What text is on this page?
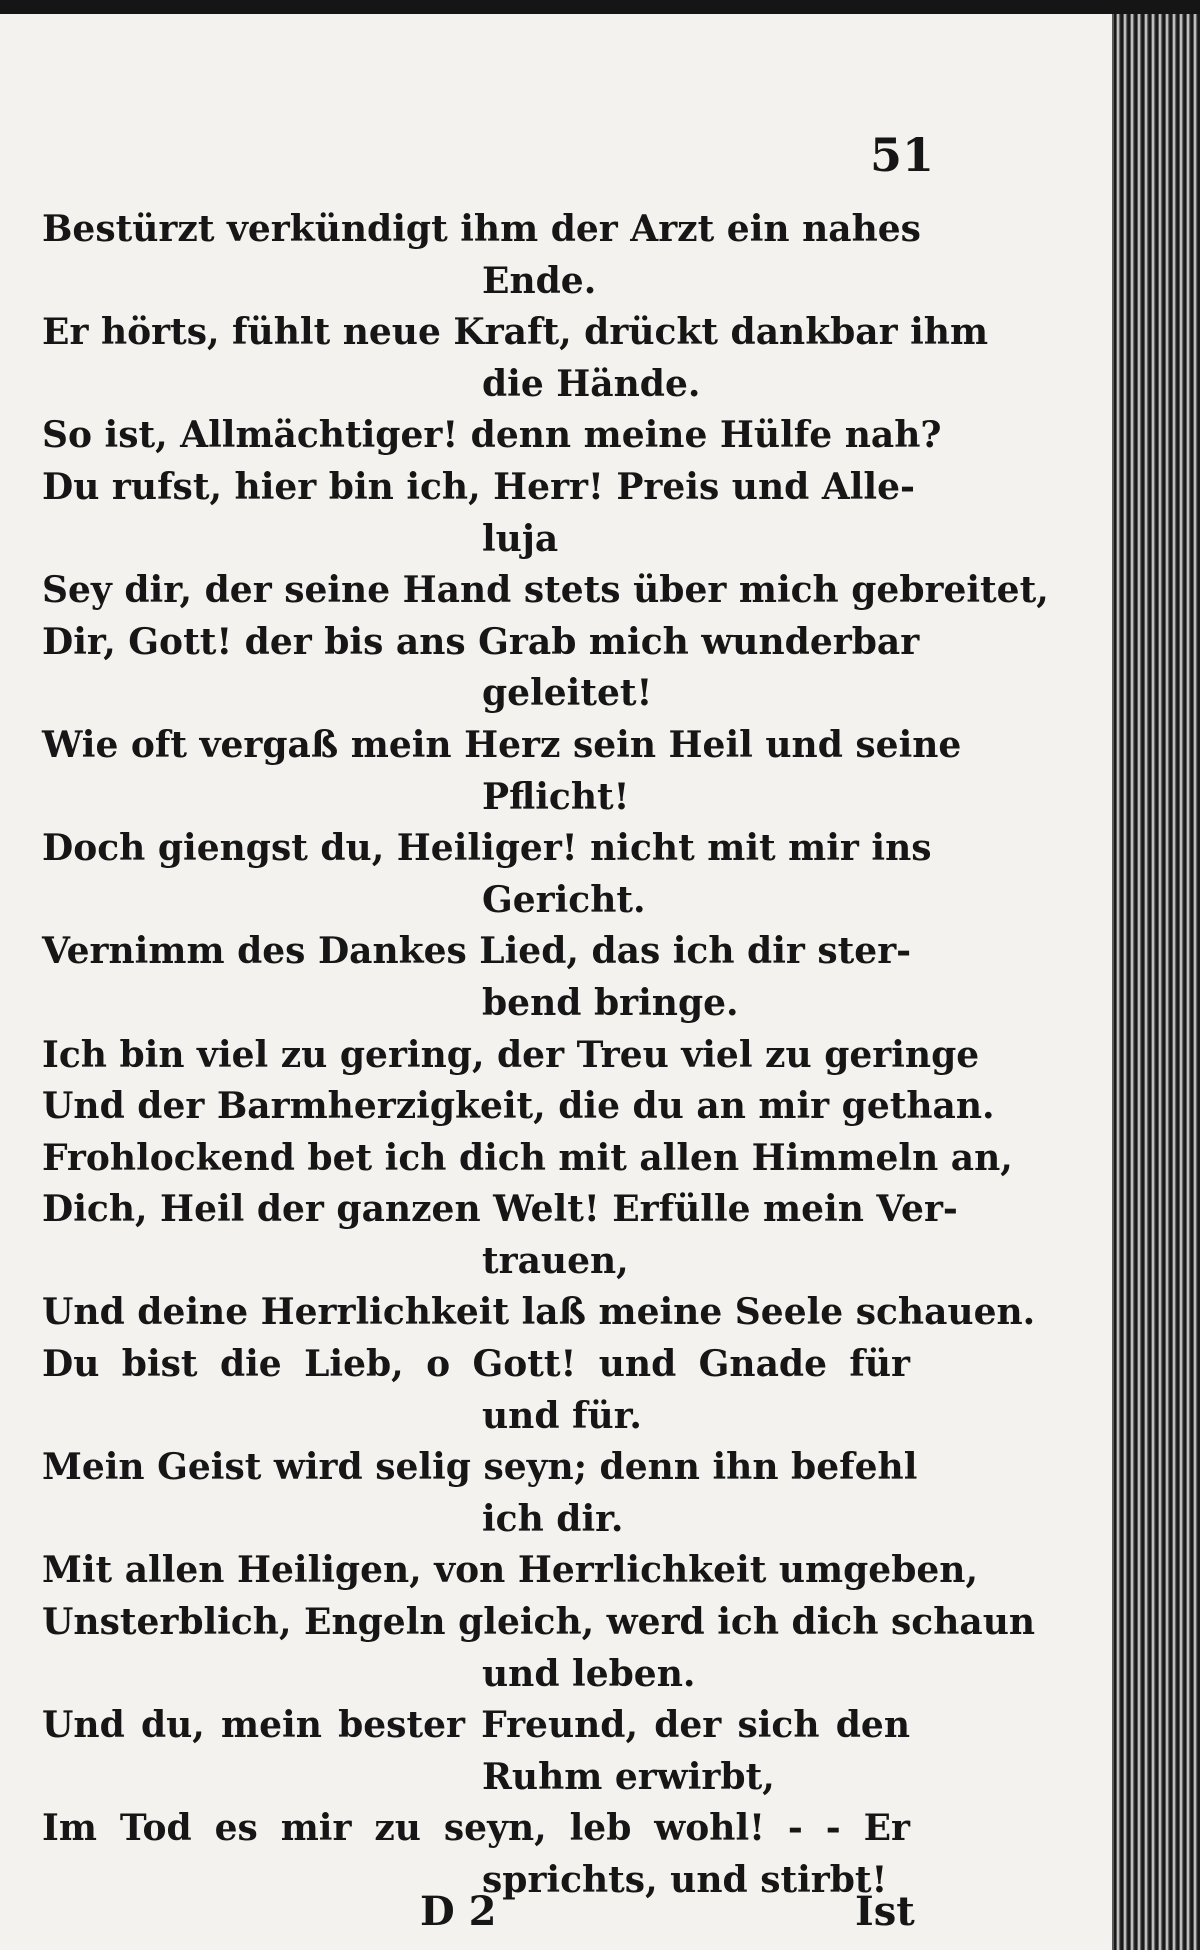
51
Bestürzt verkündigt ihm der Arzt ein nahes
Ende.
Er hörts, fühlt neue Kraft, drückt dankbar ihm
die Hände.
So ist, Allmächtiger! denn meine Hülfe nah?
Du rufst, hier bin ich, Herr! Preis und Alle-
luja
Sey dir, der seine Hand stets über mich gebreitet,
Dir, Gott! der bis ans Grab mich wunderbar
geleitet!
Wie oft vergaß mein Herz sein Heil und seine
Pflicht!
Doch giengst du, Heiliger! nicht mit mir ins
Gericht.
Vernimm des Dankes Lied, das ich dir ster-
bend bringe.
Ich bin viel zu gering, der Treu viel zu geringe
Und der Barmherzigkeit, die du an mir gethan.
Frohlockend bet ich dich mit allen Himmeln an,
Dich, Heil der ganzen Welt! Erfülle mein Ver-
trauen,
Und deine Herrlichkeit laß meine Seele schauen.
Du bist die Lieb, o Gott! und Gnade für
und für.
Mein Geist wird selig seyn; denn ihn befehl
ich dir.
Mit allen Heiligen, von Herrlichkeit umgeben,
Unsterblich, Engeln gleich, werd ich dich schaun
und leben.
Und du, mein bester Freund, der sich den
Ruhm erwirbt,
Im Tod es mir zu seyn, leb wohl! - - Er
sprichts, und stirbt!
D 2	Ist
